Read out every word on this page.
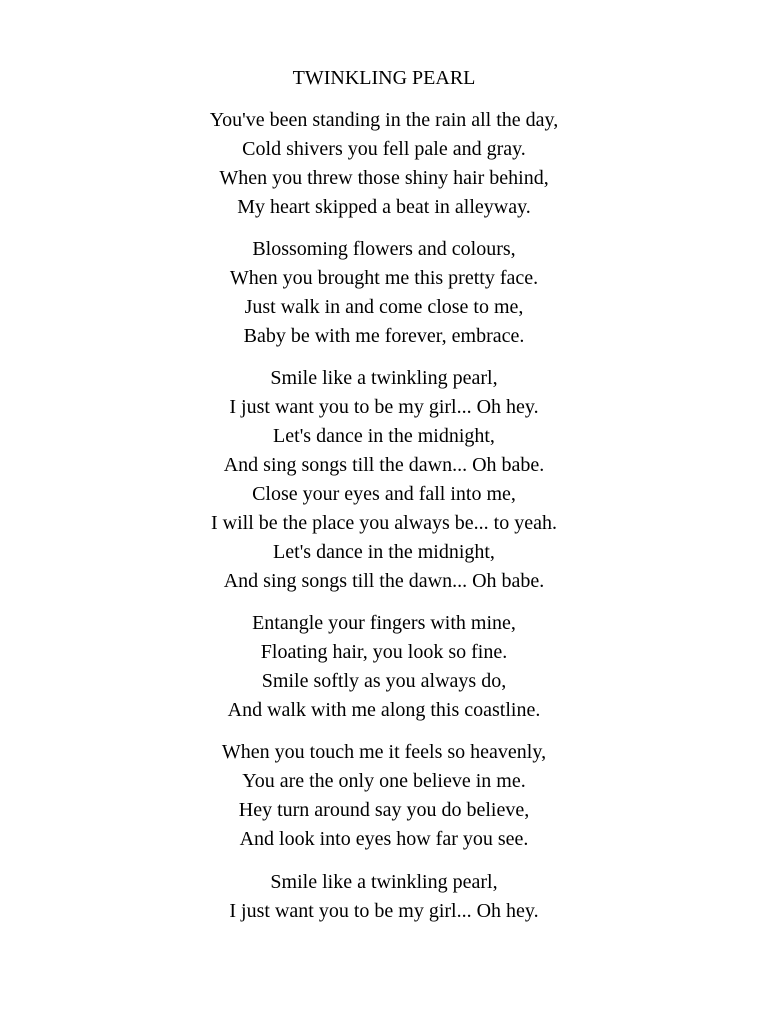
TWINKLING PEARL
You've been standing in the rain all the day,
Cold shivers you fell pale and gray.
When you threw those shiny hair behind,
My heart skipped a beat in alleyway.
Blossoming flowers and colours,
When you brought me this pretty face.
Just walk in and come close to me,
Baby be with me forever, embrace.
Smile like a twinkling pearl,
I just want you to be my girl... Oh hey.
Let's dance in the midnight,
And sing songs till the dawn... Oh babe.
Close your eyes and fall into me,
I will be the place you always be... to yeah.
Let's dance in the midnight,
And sing songs till the dawn... Oh babe.
Entangle your fingers with mine,
Floating hair, you look so fine.
Smile softly as you always do,
And walk with me along this coastline.
When you touch me it feels so heavenly,
You are the only one believe in me.
Hey turn around say you do believe,
And look into eyes how far you see.
Smile like a twinkling pearl,
I just want you to be my girl... Oh hey.
